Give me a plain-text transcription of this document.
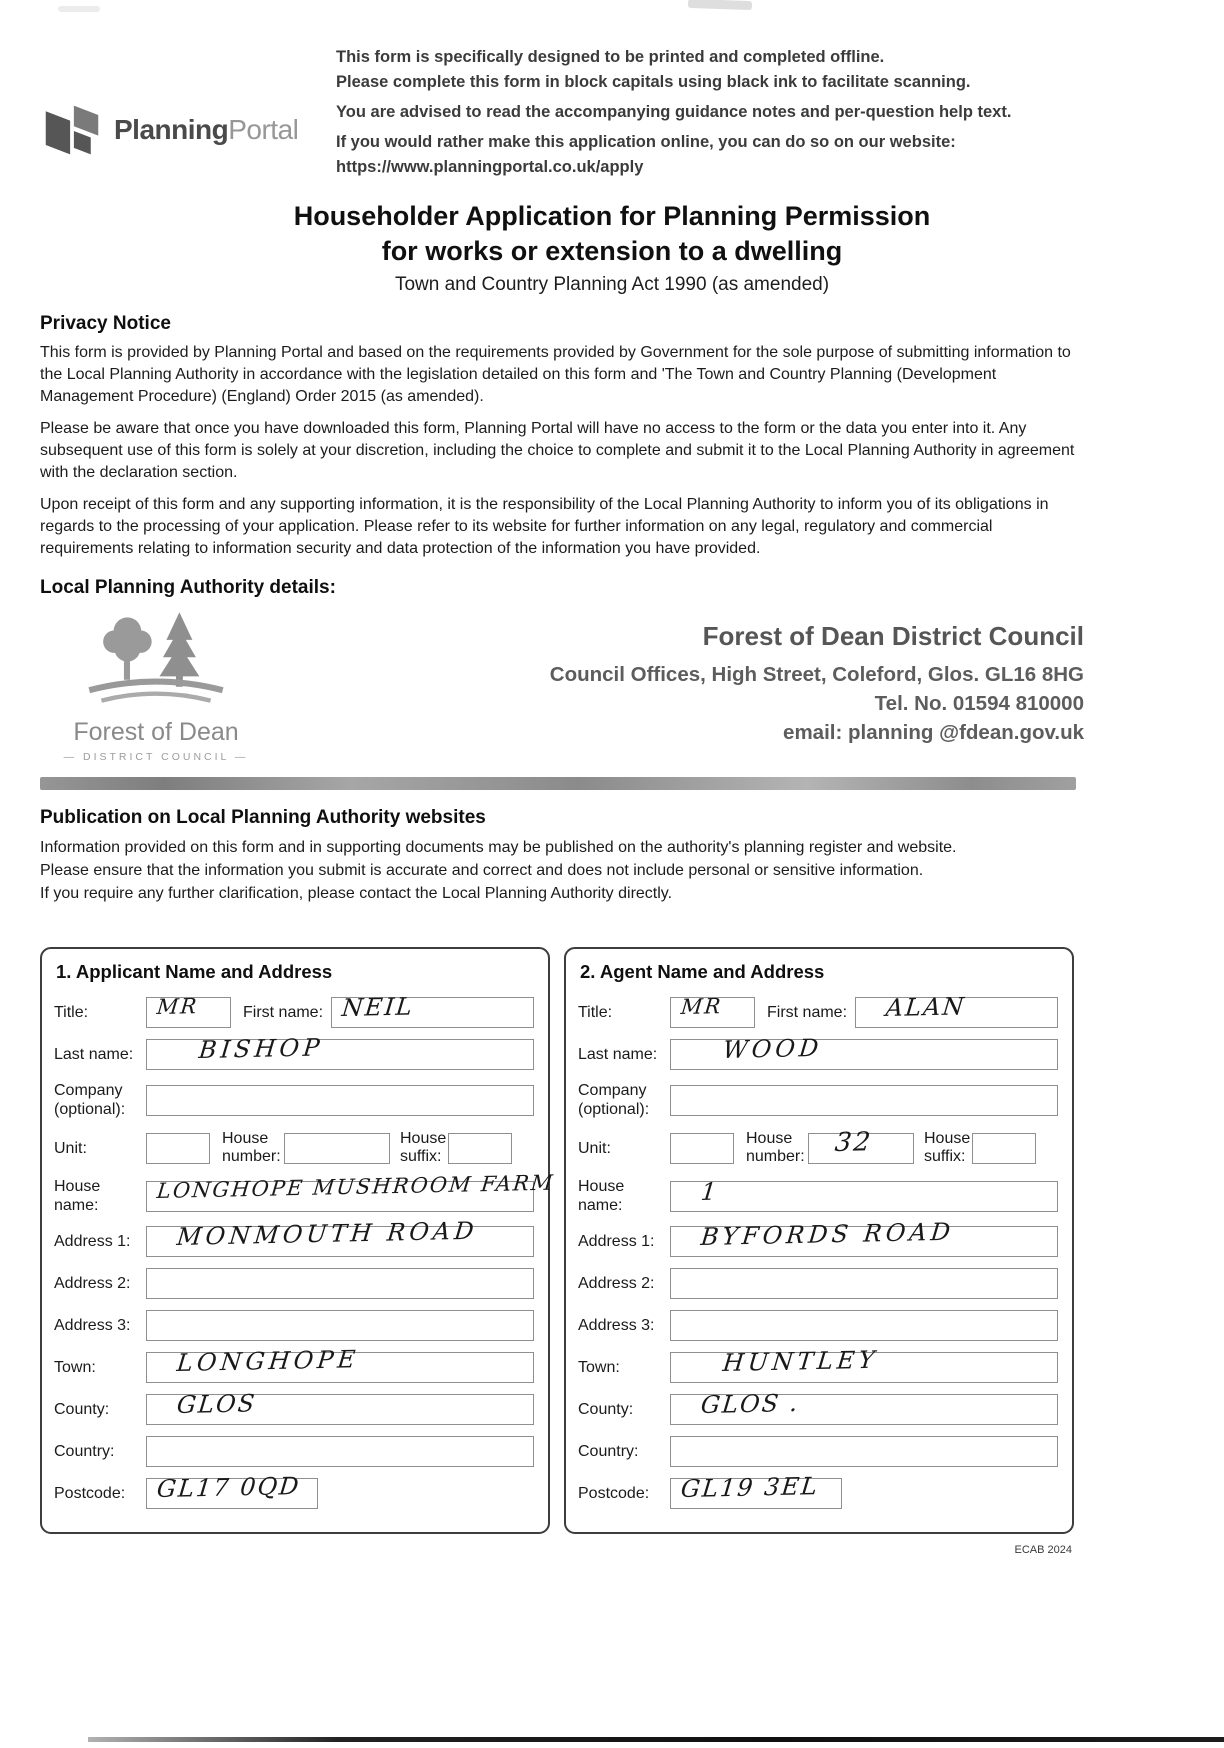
PlanningPortal
This form is specifically designed to be printed and completed offline.
Please complete this form in block capitals using black ink to facilitate scanning.
You are advised to read the accompanying guidance notes and per-question help text.
If you would rather make this application online, you can do so on our website:
https://www.planningportal.co.uk/apply
Householder Application for Planning Permission
for works or extension to a dwelling
Town and Country Planning Act 1990 (as amended)
Privacy Notice

This form is provided by Planning Portal and based on the requirements provided by Government for the sole purpose of submitting information to the Local Planning Authority in accordance with the legislation detailed on this form and 'The Town and Country Planning (Development Management Procedure) (England) Order 2015 (as amended).

Please be aware that once you have downloaded this form, Planning Portal will have no access to the form or the data you enter into it. Any subsequent use of this form is solely at your discretion, including the choice to complete and submit it to the Local Planning Authority in agreement with the declaration section.

Upon receipt of this form and any supporting information, it is the responsibility of the Local Planning Authority to inform you of its obligations in regards to the processing of your application. Please refer to its website for further information on any legal, regulatory and commercial requirements relating to information security and data protection of the information you have provided.

Local Planning Authority details:
Forest of Dean
— DISTRICT COUNCIL —
Forest of Dean District Council
Council Offices, High Street, Coleford, Glos. GL16 8HG
Tel. No. 01594 810000
email: planning @fdean.gov.uk
Publication on Local Planning Authority websites
Information provided on this form and in supporting documents may be published on the authority's planning register and website.
Please ensure that the information you submit is accurate and correct and does not include personal or sensitive information.
If you require any further clarification, please contact the Local Planning Authority directly.
1. Applicant Name and Address
Title:	MR	First name: NEIL
Last name:	BISHOP
Company (optional):
Unit:
House number:
House suffix:
House name:
LONGHOPE MUSHROOM FARM
Address 1:	MONMOUTH ROAD
Address 2:
Address 3:
Town:	LONGHOPE
County:	GLOS
Country:
Postcode:	GL17 0QD
2. Agent Name and Address
Title:	MR	First name:	ALAN
Last name:	WOOD
Company (optional):
Unit:
House number: 32	House suffix:
House name:	1
Address 1:	BYFORDS ROAD
Address 2:
Address 3:
Town:	HUNTLEY
County:	GLOS .
Country:
Postcode:	GL19 3EL
ECAB 2024
